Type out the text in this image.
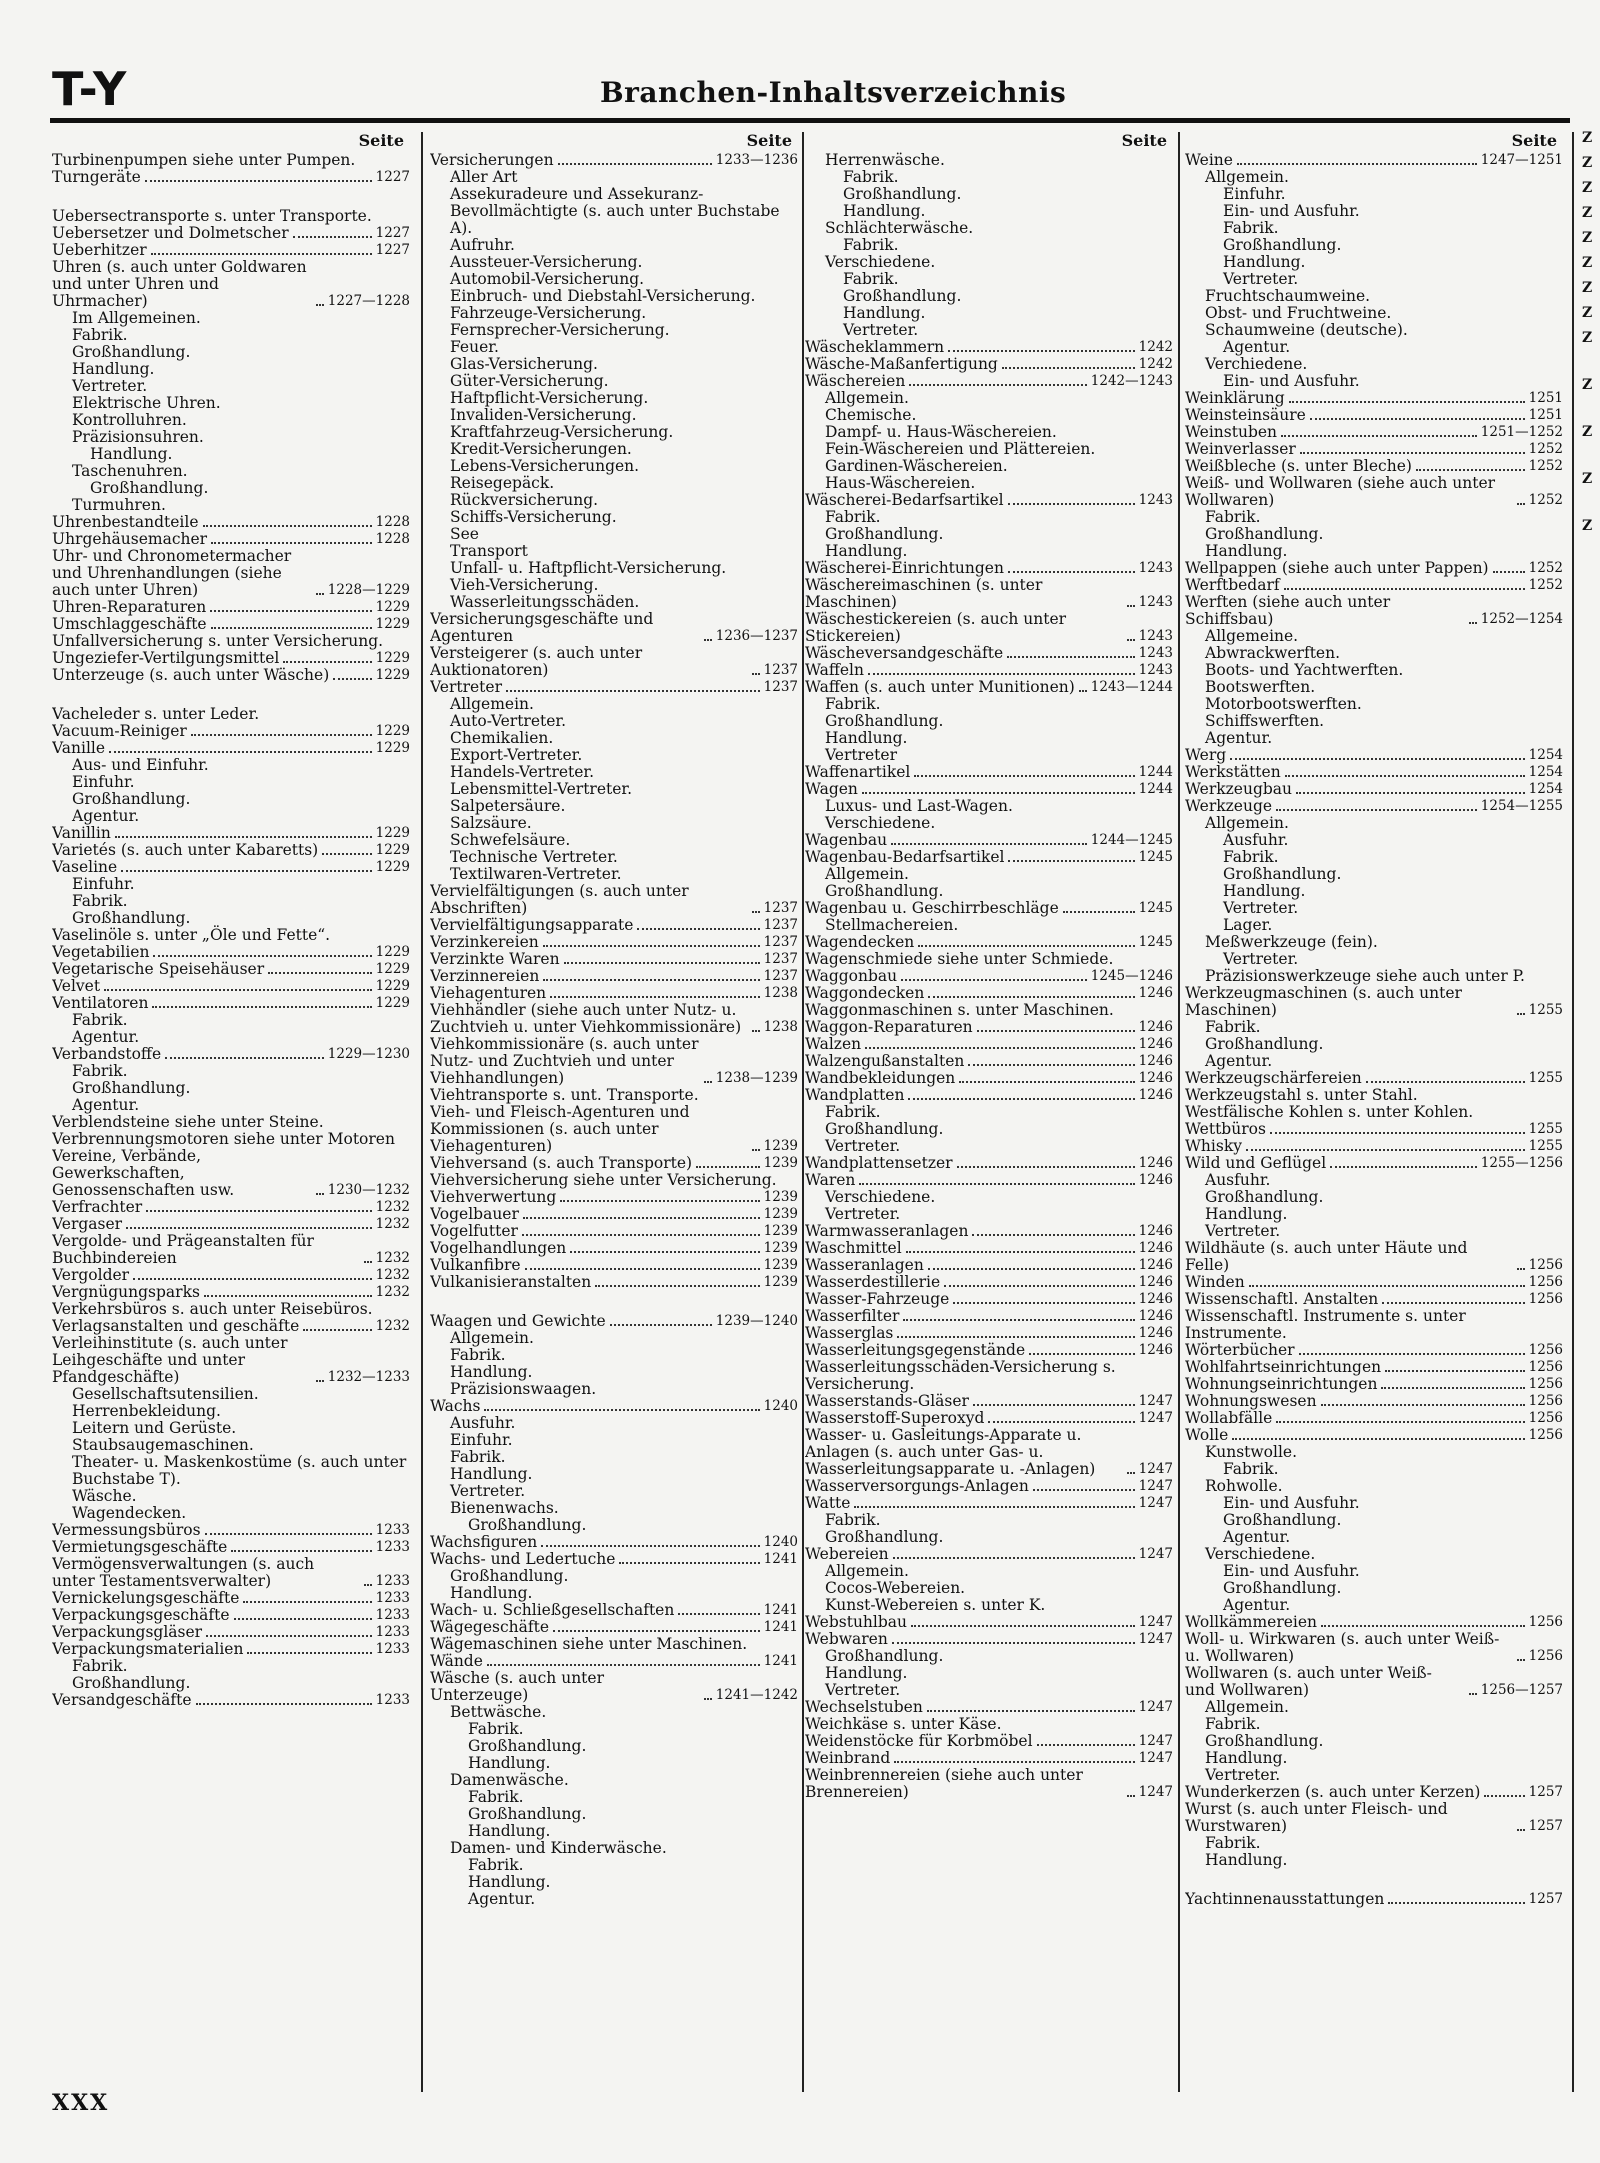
T-Y	Branchen-Inhaltsverzeichnis
Seite
Turbinenpumpen siehe unter Pumpen.
Turngeräte	1227
Uebersectransporte s. unter Transporte.
Uebersetzer und Dolmetscher	1227
Ueberhitzer	1227
Uhren (s. auch unter Goldwaren und unter Uhren und Uhrmacher)	1227—1228
Im Allgemeinen.
Fabrik.
Großhandlung.
Handlung.
Vertreter.
Elektrische Uhren.
Kontrolluhren.
Präzisionsuhren.
Handlung.
Taschenuhren.
Großhandlung.
Turmuhren.
Uhrenbestandteile	1228
Uhrgehäusemacher	1228
Uhr- und Chronometermacher und Uhrenhandlungen (siehe auch unter Uhren)	1228—1229
Uhren-Reparaturen	1229
Umschlaggeschäfte	1229
Unfallversicherung s. unter Versicherung.
Ungeziefer-Vertilgungsmittel	1229
Unterzeuge (s. auch unter Wäsche)	1229
Vacheleder s. unter Leder.
Vacuum-Reiniger	1229
Vanille	1229
Aus- und Einfuhr.
Einfuhr.
Großhandlung.
Agentur.
Vanillin	1229
Varietés (s. auch unter Kabaretts)	1229
Vaseline	1229
Einfuhr.
Fabrik.
Großhandlung.
Vaselinöle s. unter „Öle und Fette“.
Vegetabilien	1229
Vegetarische Speisehäuser	1229
Velvet	1229
Ventilatoren	1229
Fabrik.
Agentur.
Verbandstoffe	1229—1230
Fabrik.
Großhandlung.
Agentur.
Verblendsteine siehe unter Steine.
Verbrennungsmotoren siehe unter Motoren
Vereine, Verbände, Gewerkschaften, Genossenschaften usw.	1230—1232
Verfrachter	1232
Vergaser	1232
Vergolde- und Prägeanstalten für Buchbindereien	1232
Vergolder	1232
Vergnügungsparks	1232
Verkehrsbüros s. auch unter Reisebüros.
Verlagsanstalten und geschäfte	1232
Verleihinstitute (s. auch unter Leihgeschäfte und unter Pfandgeschäfte)	1232—1233
Gesellschaftsutensilien.
Herrenbekleidung.
Leitern und Gerüste.
Staubsaugemaschinen.
Theater- u. Maskenkostüme (s. auch unter Buchstabe T).
Wäsche.
Wagendecken.
Vermessungsbüros	1233
Vermietungsgeschäfte	1233
Vermögensverwaltungen (s. auch unter Testamentsverwalter)	1233
Vernickelungsgeschäfte	1233
Verpackungsgeschäfte	1233
Verpackungsgläser	1233
Verpackungsmaterialien	1233
Fabrik.
Großhandlung.
Versandgeschäfte	1233
Seite
Versicherungen	1233—1236
Aller Art
Assekuradeure und Assekuranz-Bevollmächtigte (s. auch unter Buchstabe A).
Aufruhr.
Aussteuer-Versicherung.
Automobil-Versicherung.
Einbruch- und Diebstahl-Versicherung.
Fahrzeuge-Versicherung.
Fernsprecher-Versicherung.
Feuer.
Glas-Versicherung.
Güter-Versicherung.
Haftpflicht-Versicherung.
Invaliden-Versicherung.
Kraftfahrzeug-Versicherung.
Kredit-Versicherungen.
Lebens-Versicherungen.
Reisegepäck.
Rückversicherung.
Schiffs-Versicherung.
See
Transport
Unfall- u. Haftpflicht-Versicherung.
Vieh-Versicherung.
Wasserleitungsschäden.
Versicherungsgeschäfte und Agenturen	1236—1237
Versteigerer (s. auch unter Auktionatoren)	1237
Vertreter	1237
Allgemein.
Auto-Vertreter.
Chemikalien.
Export-Vertreter.
Handels-Vertreter.
Lebensmittel-Vertreter.
Salpetersäure.
Salzsäure.
Schwefelsäure.
Technische Vertreter.
Textilwaren-Vertreter.
Vervielfältigungen (s. auch unter Abschriften)	1237
Vervielfältigungsapparate	1237
Verzinkereien	1237
Verzinkte Waren	1237
Verzinnereien	1237
Viehagenturen	1238
Viehhändler (siehe auch unter Nutz- u. Zuchtvieh u. unter Viehkommissionäre)	1238
Viehkommissionäre (s. auch unter Nutz- und Zuchtvieh und unter Viehhandlungen)	1238—1239
Viehtransporte s. unt. Transporte.
Vieh- und Fleisch-Agenturen und Kommissionen (s. auch unter Viehagenturen)	1239
Viehversand (s. auch Transporte)	1239
Viehversicherung siehe unter Versicherung.
Viehverwertung	1239
Vogelbauer	1239
Vogelfutter	1239
Vogelhandlungen	1239
Vulkanfibre	1239
Vulkanisieranstalten	1239
Waagen und Gewichte	1239—1240
Allgemein.
Fabrik.
Handlung.
Präzisionswaagen.
Wachs	1240
Ausfuhr.
Einfuhr.
Fabrik.
Handlung.
Vertreter.
Bienenwachs.
Großhandlung.
Wachsfiguren	1240
Wachs- und Ledertuche	1241
Großhandlung.
Handlung.
Wach- u. Schließgesellschaften	1241
Wägegeschäfte	1241
Wägemaschinen siehe unter Maschinen.
Wände	1241
Wäsche (s. auch unter Unterzeuge)	1241—1242
Bettwäsche.
Fabrik.
Großhandlung.
Handlung.
Damenwäsche.
Fabrik.
Großhandlung.
Handlung.
Damen- und Kinderwäsche.
Fabrik.
Handlung.
Agentur.
Seite
Herrenwäsche.
Fabrik.
Großhandlung.
Handlung.
Schlächterwäsche.
Fabrik.
Verschiedene.
Fabrik.
Großhandlung.
Handlung.
Vertreter.
Wäscheklammern	1242
Wäsche-Maßanfertigung	1242
Wäschereien	1242—1243
Allgemein.
Chemische.
Dampf- u. Haus-Wäschereien.
Fein-Wäschereien und Plättereien.
Gardinen-Wäschereien.
Haus-Wäschereien.
Wäscherei-Bedarfsartikel	1243
Fabrik.
Großhandlung.
Handlung.
Wäscherei-Einrichtungen	1243
Wäschereimaschinen (s. unter Maschinen)	1243
Wäschestickereien (s. auch unter Stickereien)	1243
Wäscheversandgeschäfte	1243
Waffeln	1243
Waffen (s. auch unter Munitionen) 1243—1244
Fabrik.
Großhandlung.
Handlung.
Vertreter
Waffenartikel	1244
Wagen	1244
Luxus- und Last-Wagen.
Verschiedene.
Wagenbau	1244—1245
Wagenbau-Bedarfsartikel	1245
Allgemein.
Großhandlung.
Wagenbau u. Geschirrbeschläge	1245
Stellmachereien.
Wagendecken	1245
Wagenschmiede siehe unter Schmiede.
Waggonbau	1245—1246
Waggondecken	1246
Waggonmaschinen s. unter Maschinen.
Waggon-Reparaturen	1246
Walzen	1246
Walzengußanstalten	1246
Wandbekleidungen	1246
Wandplatten	1246
Fabrik.
Großhandlung.
Vertreter.
Wandplattensetzer	1246
Waren	1246
Verschiedene.
Vertreter.
Warmwasseranlagen	1246
Waschmittel	1246
Wasseranlagen	1246
Wasserdestillerie	1246
Wasser-Fahrzeuge	1246
Wasserfilter	1246
Wasserglas	1246
Wasserleitungsgegenstände	1246
Wasserleitungsschäden-Versicherung s. Versicherung.
Wasserstands-Gläser	1247
Wasserstoff-Superoxyd	1247
Wasser- u. Gasleitungs-Apparate u. Anlagen (s. auch unter Gas- u. Wasserleitungsapparate u. -Anlagen)	1247
Wasserversorgungs-Anlagen	1247
Watte	1247
Fabrik.
Großhandlung.
Webereien	1247
Allgemein.
Cocos-Webereien.
Kunst-Webereien s. unter K.
Webstuhlbau	1247
Webwaren	1247
Großhandlung.
Handlung.
Vertreter.
Wechselstuben	1247
Weichkäse s. unter Käse.
Weidenstöcke für Korbmöbel	1247
Weinbrand	1247
Weinbrennereien (siehe auch unter Brennereien)	1247
Seite
Weine	1247—1251
Allgemein.
Einfuhr.
Ein- und Ausfuhr.
Fabrik.
Großhandlung.
Handlung.
Vertreter.
Fruchtschaumweine.
Obst- und Fruchtweine.
Schaumweine (deutsche).
Agentur.
Verchiedene.
Ein- und Ausfuhr.
Weinklärung	1251
Weinsteinsäure	1251
Weinstuben	1251—1252
Weinverlasser	1252
Weißbleche (s. unter Bleche)	1252
Weiß- und Wollwaren (siehe auch unter Wollwaren)	1252
Fabrik.
Großhandlung.
Handlung.
Wellpappen (siehe auch unter Pappen)	1252
Werftbedarf	1252
Werften (siehe auch unter Schiffsbau)	1252—1254
Allgemeine.
Abwrackwerften.
Boots- und Yachtwerften.
Bootswerften.
Motorbootswerften.
Schiffswerften.
Agentur.
Werg	1254
Werkstätten	1254
Werkzeugbau	1254
Werkzeuge	1254—1255
Allgemein.
Ausfuhr.
Fabrik.
Großhandlung.
Handlung.
Vertreter.
Lager.
Meßwerkzeuge (fein).
Vertreter.
Präzisionswerkzeuge siehe auch unter P.
Werkzeugmaschinen (s. auch unter Maschinen)	1255
Fabrik.
Großhandlung.
Agentur.
Werkzeugschärfereien	1255
Werkzeugstahl s. unter Stahl.
Westfälische Kohlen s. unter Kohlen.
Wettbüros	1255
Whisky	1255
Wild und Geflügel	1255—1256
Ausfuhr.
Großhandlung.
Handlung.
Vertreter.
Wildhäute (s. auch unter Häute und Felle)	1256
Winden	1256
Wissenschaftl. Anstalten	1256
Wissenschaftl. Instrumente s. unter Instrumente.
Wörterbücher	1256
Wohlfahrtseinrichtungen	1256
Wohnungseinrichtungen	1256
Wohnungswesen	1256
Wollabfälle	1256
Wolle	1256
Kunstwolle.
Fabrik.
Rohwolle.
Ein- und Ausfuhr.
Großhandlung.
Agentur.
Verschiedene.
Ein- und Ausfuhr.
Großhandlung.
Agentur.
Wollkämmereien	1256
Woll- u. Wirkwaren (s. auch unter Weiß- u. Wollwaren)	1256
Wollwaren (s. auch unter Weiß- und Wollwaren)	1256—1257
Allgemein.
Fabrik.
Großhandlung.
Handlung.
Vertreter.
Wunderkerzen (s. auch unter Kerzen)	1257
Wurst (s. auch unter Fleisch- und Wurstwaren)	1257
Fabrik.
Handlung.
Yachtinnenausstattungen	1257
Z
Z
Z
Z
Z
Z
Z
Z
Z
Z
Z
Z
Z
XXX
